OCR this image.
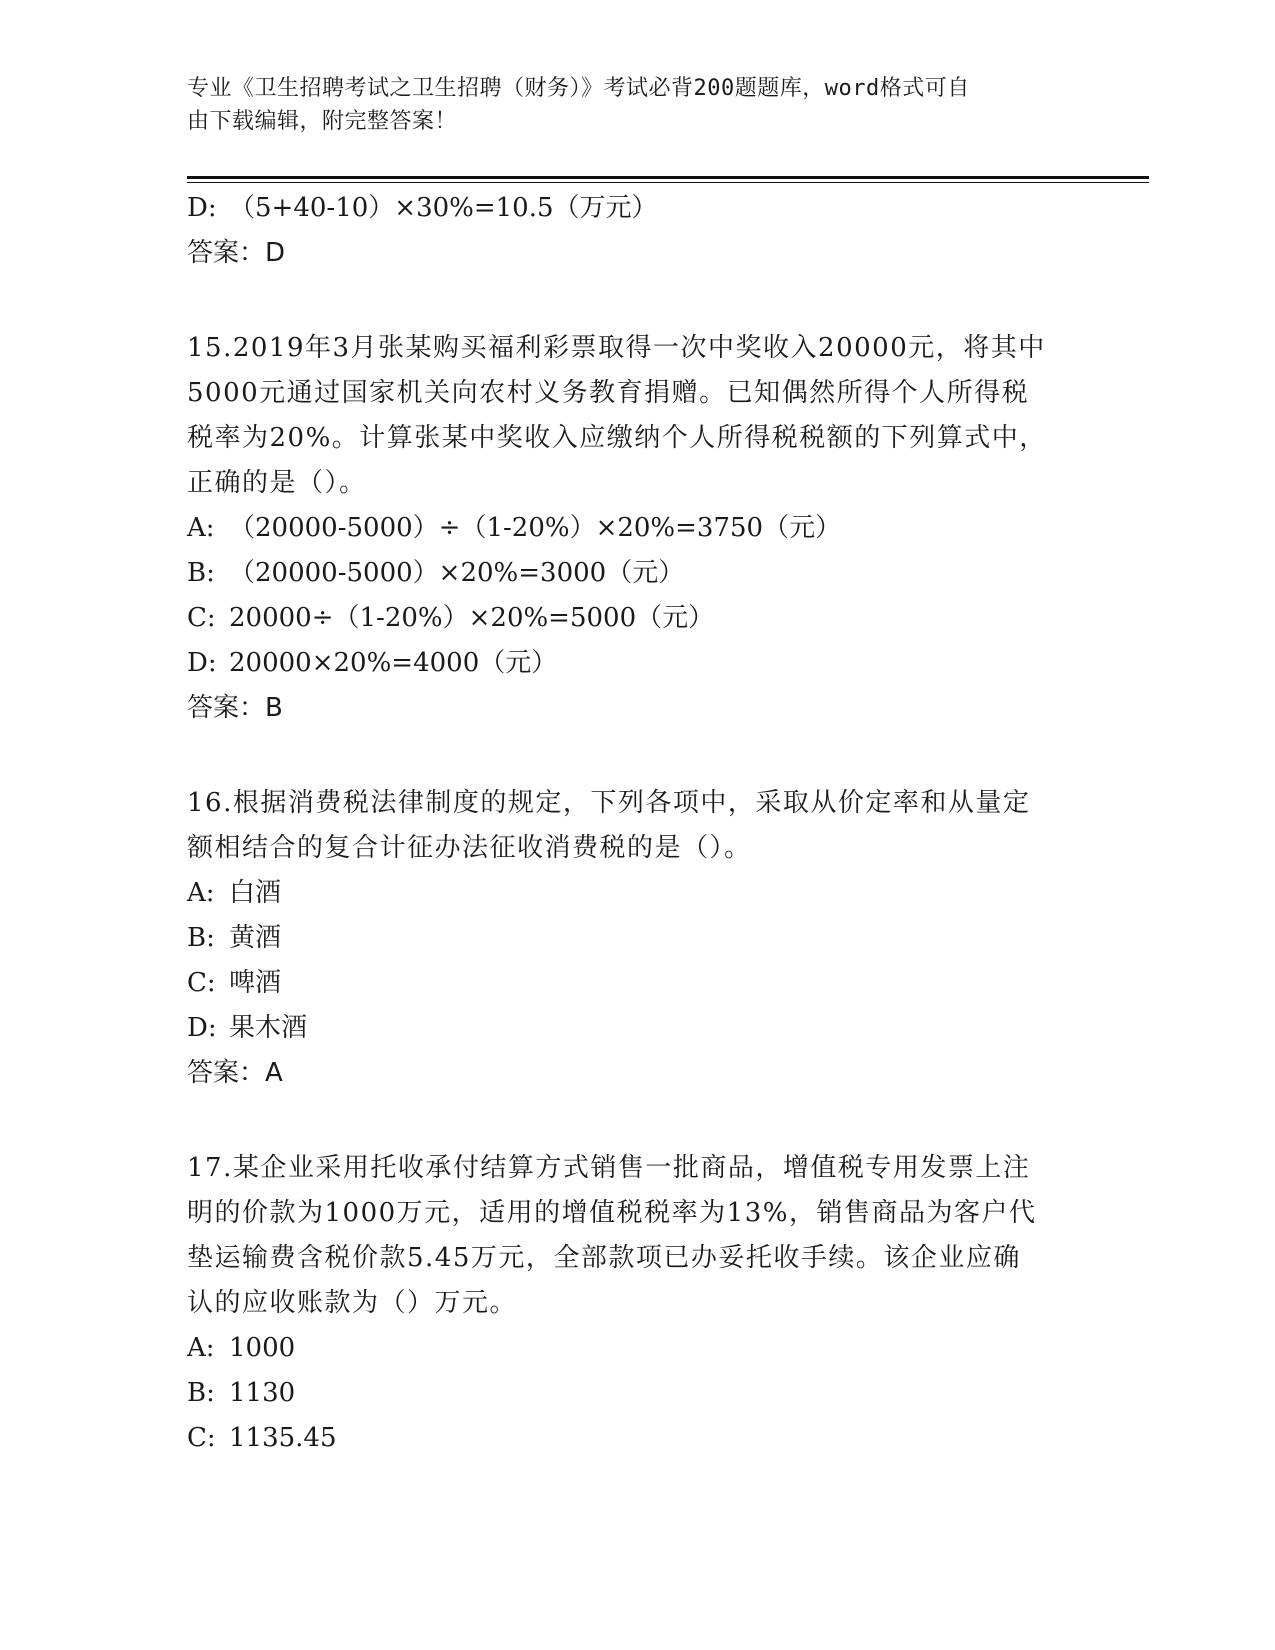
专业《卫生招聘考试之卫生招聘（财务）》考试必背200题题库，word格式可自
由下载编辑，附完整答案！
D: （5+40-10）×30%=10.5（万元）
答案：D
15.2019年3月张某购买福利彩票取得一次中奖收入20000元，将其中
5000元通过国家机关向农村义务教育捐赠。已知偶然所得个人所得税
税率为20%。计算张某中奖收入应缴纳个人所得税税额的下列算式中，
正确的是（）。
A: （20000-5000）÷（1-20%）×20%=3750（元）
B: （20000-5000）×20%=3000（元）
C: 20000÷（1-20%）×20%=5000（元）
D: 20000×20%=4000（元）
答案：B
16.根据消费税法律制度的规定，下列各项中，采取从价定率和从量定
额相结合的复合计征办法征收消费税的是（）。
A: 白酒
B: 黄酒
C: 啤酒
D: 果木酒
答案：A
17.某企业采用托收承付结算方式销售一批商品，增值税专用发票上注
明的价款为1000万元，适用的增值税税率为13%，销售商品为客户代
垫运输费含税价款5.45万元，全部款项已办妥托收手续。该企业应确
认的应收账款为（）万元。
A: 1000
B: 1130
C: 1135.45
